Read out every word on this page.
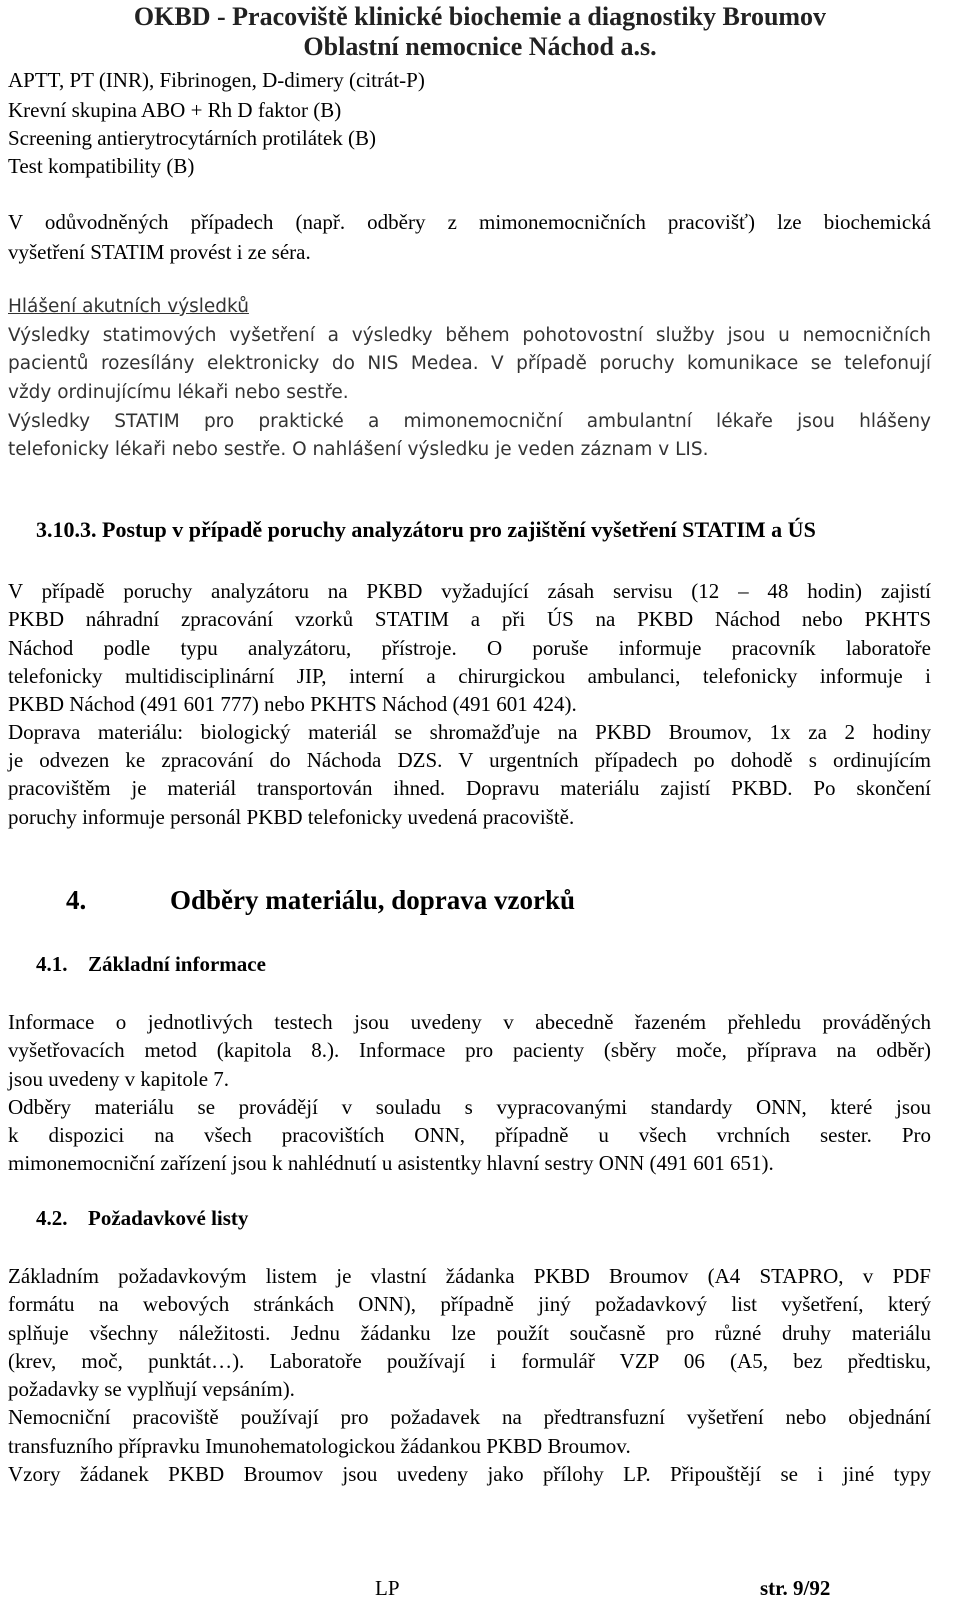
OKBD - Pracoviště klinické biochemie a diagnostiky Broumov
Oblastní nemocnice Náchod a.s.
APTT, PT (INR), Fibrinogen, D-dimery (citrát-P)
Krevní skupina ABO + Rh D faktor (B)
Screening antierytrocytárních protilátek (B)
Test kompatibility (B)
V odůvodněných případech (např. odběry z mimonemocničních pracovišť) lze biochemická
vyšetření STATIM provést i ze séra.
Hlášení akutních výsledků
Výsledky statimových vyšetření a výsledky během pohotovostní služby jsou u nemocničních
pacientů rozesílány elektronicky do NIS Medea. V případě poruchy komunikace se telefonují
vždy ordinujícímu lékaři nebo sestře.
Výsledky STATIM pro praktické a mimonemocniční ambulantní lékaře jsou hlášeny
telefonicky lékaři nebo sestře. O nahlášení výsledku je veden záznam v LIS.
3.10.3. Postup v případě poruchy analyzátoru pro zajištění vyšetření STATIM a ÚS
V případě poruchy analyzátoru na PKBD vyžadující zásah servisu (12 – 48 hodin) zajistí
PKBD náhradní zpracování vzorků STATIM a při ÚS na PKBD Náchod nebo PKHTS
Náchod podle typu analyzátoru, přístroje. O poruše informuje pracovník laboratoře
telefonicky multidisciplinární JIP, interní a chirurgickou ambulanci, telefonicky informuje i
PKBD Náchod (491 601 777) nebo PKHTS Náchod (491 601 424).
Doprava materiálu: biologický materiál se shromažďuje na PKBD Broumov, 1x za 2 hodiny
je odvezen ke zpracování do Náchoda DZS. V urgentních případech po dohodě s ordinujícím
pracovištěm je materiál transportován ihned. Dopravu materiálu zajistí PKBD. Po skončení
poruchy informuje personál PKBD telefonicky uvedená pracoviště.
4.	Odběry materiálu, doprava vzorků
4.1. Základní informace
Informace o jednotlivých testech jsou uvedeny v abecedně řazeném přehledu prováděných
vyšetřovacích metod (kapitola 8.). Informace pro pacienty (sběry moče, příprava na odběr)
jsou uvedeny v kapitole 7.
Odběry materiálu se provádějí v souladu s vypracovanými standardy ONN, které jsou
k dispozici na všech pracovištích ONN, případně u všech vrchních sester. Pro
mimonemocniční zařízení jsou k nahlédnutí u asistentky hlavní sestry ONN (491 601 651).
4.2. Požadavkové listy
Základním požadavkovým listem je vlastní žádanka PKBD Broumov (A4 STAPRO, v PDF
formátu na webových stránkách ONN), případně jiný požadavkový list vyšetření, který
splňuje všechny náležitosti. Jednu žádanku lze použít současně pro různé druhy materiálu
(krev, moč, punktát…). Laboratoře používají i formulář VZP 06 (A5, bez předtisku,
požadavky se vyplňují vepsáním).
Nemocniční pracoviště používají pro požadavek na předtransfuzní vyšetření nebo objednání
transfuzního přípravku Imunohematologickou žádankou PKBD Broumov.
Vzory žádanek PKBD Broumov jsou uvedeny jako přílohy LP. Připouštějí se i jiné typy
LP	str. 9/92
